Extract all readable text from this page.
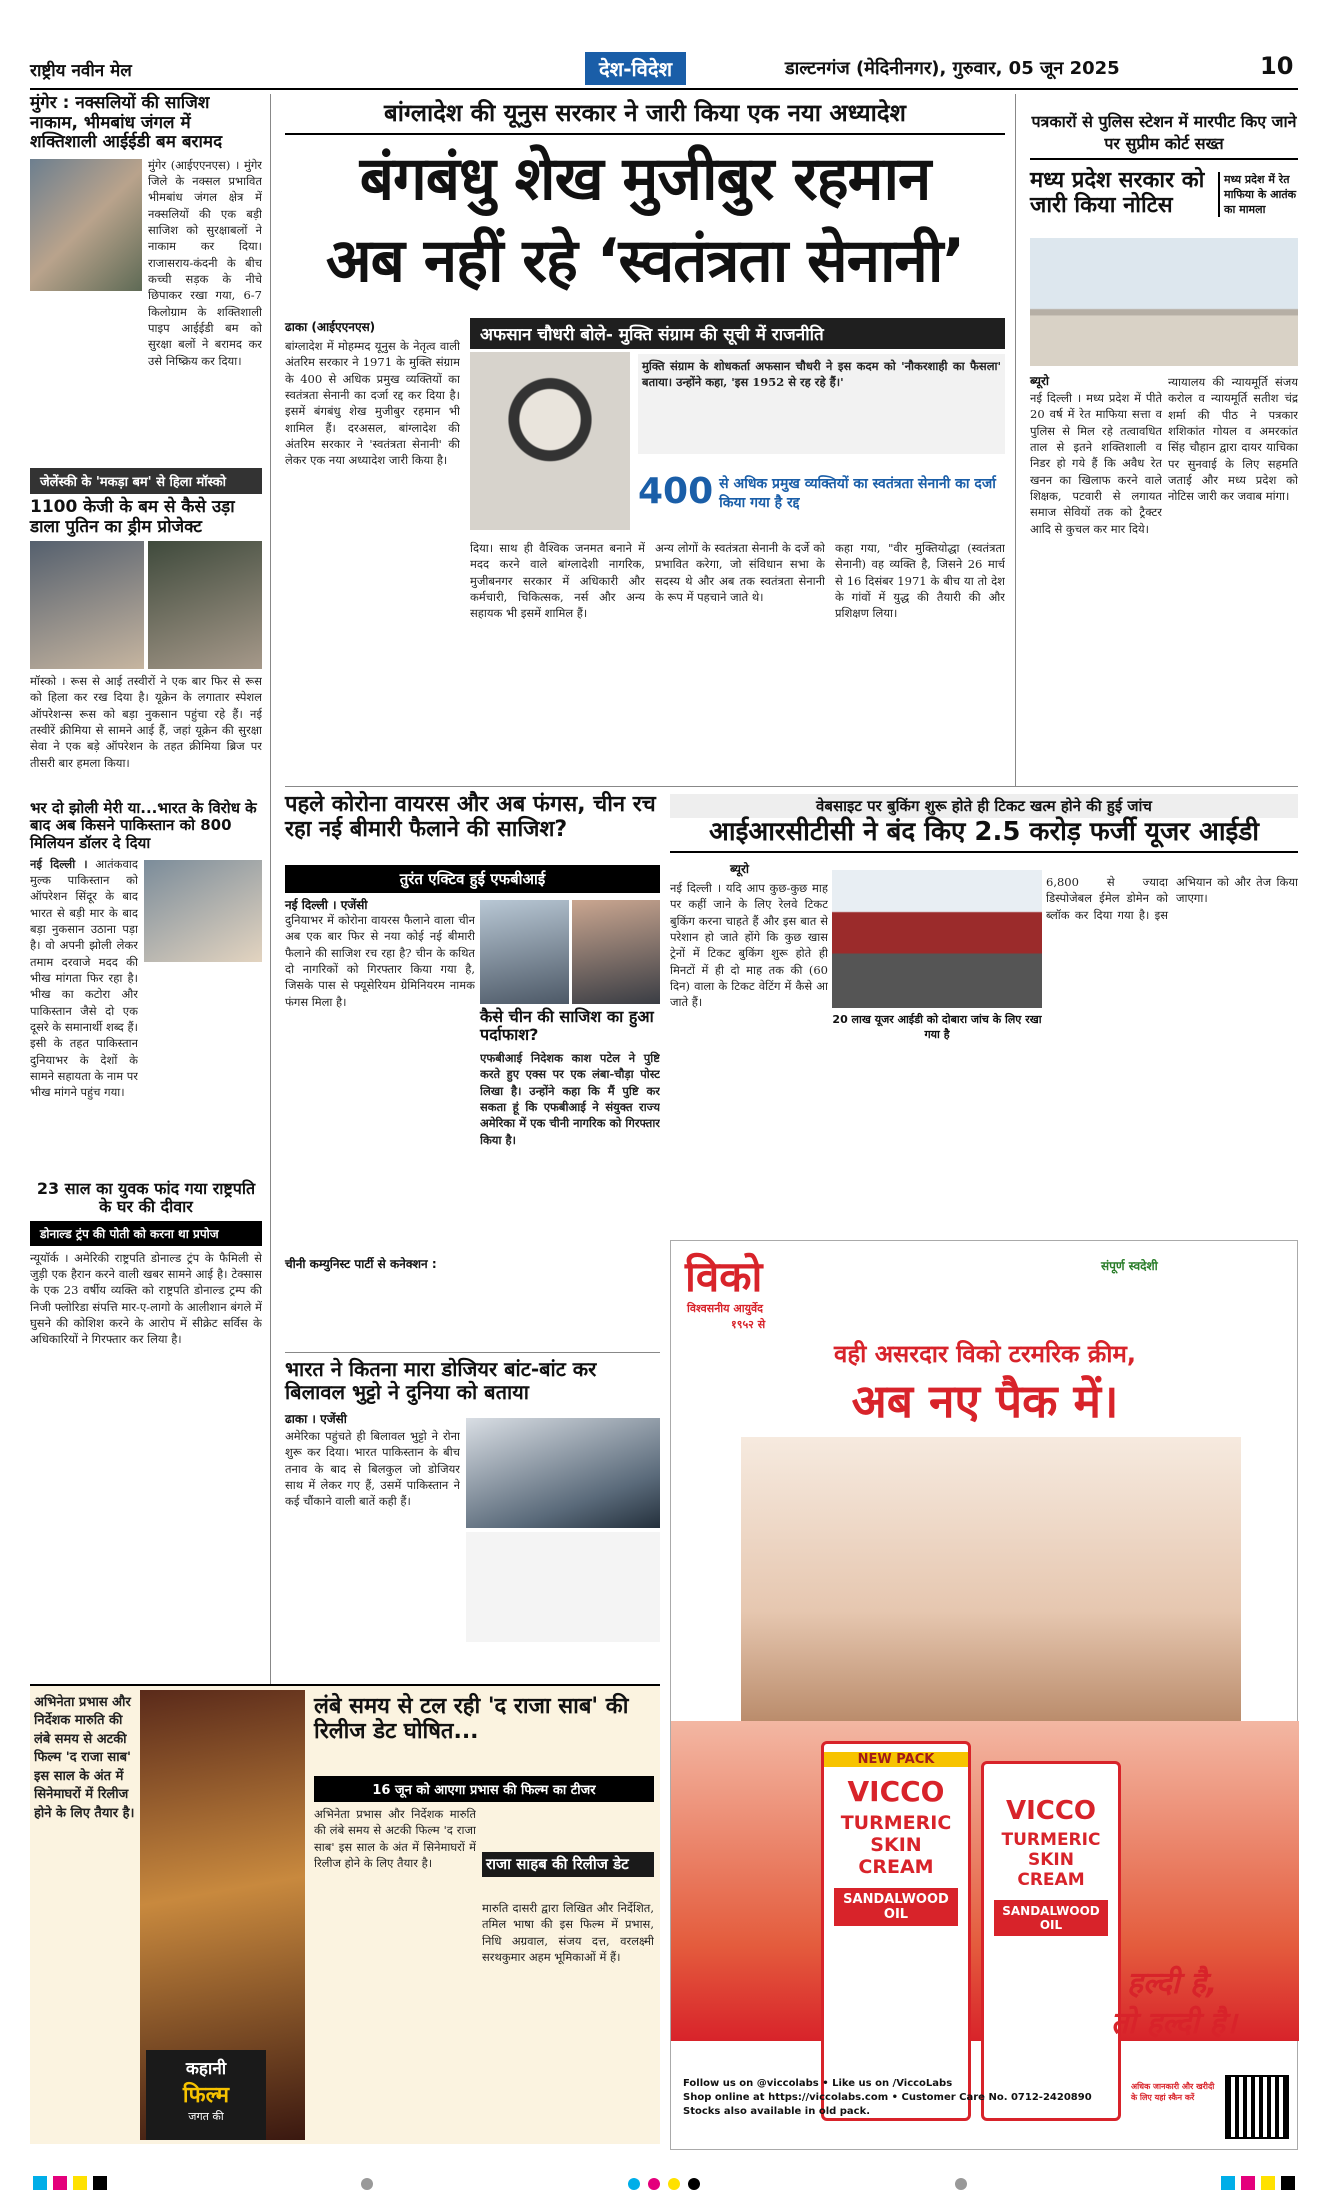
राष्ट्रीय नवीन मेल	देश-विदेश	डाल्टनगंज (मेदिनीनगर), गुरुवार, 05 जून 2025	10
मुंगेर : नक्सलियों की साजिश नाकाम, भीमबांध जंगल में शक्तिशाली आईईडी बम बरामद
मुंगेर (आईएएनएस) । मुंगेर जिले के नक्सल प्रभावित भीमबांध जंगल क्षेत्र में नक्सलियों की एक बड़ी साजिश को सुरक्षाबलों ने नाकाम कर दिया। राजासराय-कंदनी के बीच कच्ची सड़क के नीचे छिपाकर रखा गया, 6-7 किलोग्राम के शक्तिशाली पाइप आईईडी बम को सुरक्षा बलों ने बरामद कर उसे निष्क्रिय कर दिया।
जेलेंस्की के 'मकड़ा बम' से हिला मॉस्को
1100 केजी के बम से कैसे उड़ा डाला पुतिन का ड्रीम प्रोजेक्ट
मॉस्को । रूस से आई तस्वीरों ने एक बार फिर से रूस को हिला कर रख दिया है। यूक्रेन के लगातार स्पेशल ऑपरेशन्स रूस को बड़ा नुकसान पहुंचा रहे हैं। नई तस्वीरें क्रीमिया से सामने आई हैं, जहां यूक्रेन की सुरक्षा सेवा ने एक बड़े ऑपरेशन के तहत क्रीमिया ब्रिज पर तीसरी बार हमला किया।
भर दो झोली मेरी या...भारत के विरोध के बाद अब किसने पाकिस्तान को 800 मिलियन डॉलर दे दिया
नई दिल्ली । आतंकवाद मुल्क पाकिस्तान को ऑपरेशन सिंदूर के बाद भारत से बड़ी मार के बाद बड़ा नुकसान उठाना पड़ा है। वो अपनी झोली लेकर तमाम दरवाजे मदद की भीख मांगता फिर रहा है। भीख का कटोरा और पाकिस्तान जैसे दो एक दूसरे के समानार्थी शब्द हैं। इसी के तहत पाकिस्तान दुनियाभर के देशों के सामने सहायता के नाम पर भीख मांगने पहुंच गया।
23 साल का युवक फांद गया राष्ट्रपति के घर की दीवार
डोनाल्ड ट्रंप की पोती को करना था प्रपोज
न्यूयॉर्क । अमेरिकी राष्ट्रपति डोनाल्ड ट्रंप के फैमिली से जुड़ी एक हैरान करने वाली खबर सामने आई है। टेक्सास के एक 23 वर्षीय व्यक्ति को राष्ट्रपति डोनाल्ड ट्रम्प की निजी फ्लोरिडा संपत्ति मार-ए-लागो के आलीशान बंगले में घुसने की कोशिश करने के आरोप में सीक्रेट सर्विस के अधिकारियों ने गिरफ्तार कर लिया है।
बांग्लादेश की यूनुस सरकार ने जारी किया एक नया अध्यादेश
बंगबंधु शेख मुजीबुर रहमान
अब नहीं रहे ‘स्वतंत्रता सेनानी’
ढाका (आईएएनएस)	अफसान चौधरी बोले- मुक्ति संग्राम की सूची में राजनीति
बांग्लादेश में मोहम्मद यूनुस के नेतृत्व वाली अंतरिम सरकार ने 1971 के मुक्ति संग्राम के 400 से अधिक प्रमुख व्यक्तियों का स्वतंत्रता सेनानी का दर्जा रद्द कर दिया है। इसमें बंगबंधु शेख मुजीबुर रहमान भी शामिल हैं। दरअसल, बांग्लादेश की अंतरिम सरकार ने 'स्वतंत्रता सेनानी' की लेकर एक नया अध्यादेश जारी किया है।
मुक्ति संग्राम के शोधकर्ता अफसान चौधरी ने इस कदम को 'नौकरशाही का फैसला' बताया। उन्होंने कहा, 'इस 1952 से रह रहे हैं।'
400 से अधिक प्रमुख व्यक्तियों का स्वतंत्रता सेनानी का दर्जा किया गया है रद्द
दिया। साथ ही वैश्विक जनमत बनाने में मदद करने वाले बांग्लादेशी नागरिक, मुजीबनगर सरकार में अधिकारी और कर्मचारी, चिकित्सक, नर्स और अन्य सहायक भी इसमें शामिल हैं।
अन्य लोगों के स्वतंत्रता सेनानी के दर्जे को प्रभावित करेगा, जो संविधान सभा के सदस्य थे और अब तक स्वतंत्रता सेनानी के रूप में पहचाने जाते थे।
कहा गया, "वीर मुक्तियोद्धा (स्वतंत्रता सेनानी) वह व्यक्ति है, जिसने 26 मार्च से 16 दिसंबर 1971 के बीच या तो देश के गांवों में युद्ध की तैयारी की और प्रशिक्षण लिया।
पत्रकारों से पुलिस स्टेशन में मारपीट किए जाने पर सुप्रीम कोर्ट सख्त
मध्य प्रदेश सरकार को जारी किया नोटिस
मध्य प्रदेश में रेत माफिया के आतंक का मामला
ब्यूरो
नई दिल्ली । मध्य प्रदेश में पीते 20 वर्ष में रेत माफिया सत्ता व पुलिस से मिल रहे तत्वावधित ताल से इतने शक्तिशाली व निडर हो गये हैं कि अवैध रेत खनन का खिलाफ करने वाले शिक्षक, पटवारी से लगायत समाज सेवियों तक को ट्रैक्टर आदि से कुचल कर मार दिये।
न्यायालय की न्यायमूर्ति संजय करोल व न्यायमूर्ति सतीश चंद्र शर्मा की पीठ ने पत्रकार शशिकांत गोयल व अमरकांत सिंह चौहान द्वारा दायर याचिका पर सुनवाई के लिए सहमति जताई और मध्य प्रदेश को नोटिस जारी कर जवाब मांगा।
पहले कोरोना वायरस और अब फंगस, चीन रच रहा नई बीमारी फैलाने की साजिश?
तुरंत एक्टिव हुई एफबीआई
नई दिल्ली । एजेंसी
दुनियाभर में कोरोना वायरस फैलाने वाला चीन अब एक बार फिर से नया कोई नई बीमारी फैलाने की साजिश रच रहा है? चीन के कथित दो नागरिकों को गिरफ्तार किया गया है, जिसके पास से फ्यूसेरियम ग्रेमिनियरम नामक फंगस मिला है।
कैसे चीन की साजिश का हुआ पर्दाफाश?
एफबीआई निदेशक काश पटेल ने पुष्टि करते हुए एक्स पर एक लंबा-चौड़ा पोस्ट लिखा है। उन्होंने कहा कि मैं पुष्टि कर सकता हूं कि एफबीआई ने संयुक्त राज्य अमेरिका में एक चीनी नागरिक को गिरफ्तार किया है।
चीनी कम्युनिस्ट पार्टी से कनेक्शन :
भारत ने कितना मारा डोजियर बांट-बांट कर बिलावल भुट्टो ने दुनिया को बताया
ढाका । एजेंसी
अमेरिका पहुंचते ही बिलावल भुट्टो ने रोना शुरू कर दिया। भारत पाकिस्तान के बीच तनाव के बाद से बिलकुल जो डोजियर साथ में लेकर गए हैं, उसमें पाकिस्तान ने कई चौंकाने वाली बातें कही हैं।
वेबसाइट पर बुकिंग शुरू होते ही टिकट खत्म होने की हुई जांच
आईआरसीटीसी ने बंद किए 2.5 करोड़ फर्जी यूजर आईडी
ब्यूरो
नई दिल्ली । यदि आप कुछ-कुछ माह पर कहीं जाने के लिए रेलवे टिकट बुकिंग करना चाहते हैं और इस बात से परेशान हो जाते होंगे कि कुछ खास ट्रेनों में टिकट बुकिंग शुरू होते ही मिनटों में ही दो माह तक की (60 दिन) वाला के टिकट वेटिंग में कैसे आ जाते हैं।
20 लाख यूजर आईडी को दोबारा जांच के लिए रखा गया है
6,800 से ज्यादा डिस्पोजेबल ईमेल डोमेन को ब्लॉक कर दिया गया है। इस अभियान को और तेज किया जाएगा।
अभिनेता प्रभास और निर्देशक मारुति की लंबे समय से अटकी फिल्म 'द राजा साब' इस साल के अंत में सिनेमाघरों में रिलीज होने के लिए तैयार है।
कहानी
फिल्म
जगत की
लंबे समय से टल रही 'द राजा साब' की रिलीज डेट घोषित...
16 जून को आएगा प्रभास की फिल्म का टीजर
अभिनेता प्रभास और निर्देशक मारुति की लंबे समय से अटकी फिल्म 'द राजा साब' इस साल के अंत में सिनेमाघरों में रिलीज होने के लिए तैयार है।	राजा साहब की रिलीज डेट
मारुति दासरी द्वारा लिखित और निर्देशित, तमिल भाषा की इस फिल्म में प्रभास, निधि अग्रवाल, संजय दत्त, वरलक्ष्मी सरथकुमार अहम भूमिकाओं में हैं।
विको
विश्वसनीय आयुर्वेद
१९५२ से
संपूर्ण स्वदेशी
वही असरदार विको टरमरिक क्रीम,
अब नए पैक में।
NEW PACK
VICCO
TURMERIC SKIN CREAM
SANDALWOOD OIL
VICCO
TURMERIC SKIN CREAM
SANDALWOOD OIL
हल्दी है,
तो हल्दी है।
Follow us on @viccolabs • Like us on /ViccoLabs
Shop online at https://viccolabs.com • Customer Care No. 0712-2420890
Stocks also available in old pack.
अधिक जानकारी और खरीदी के लिए यहां स्कैन करें
